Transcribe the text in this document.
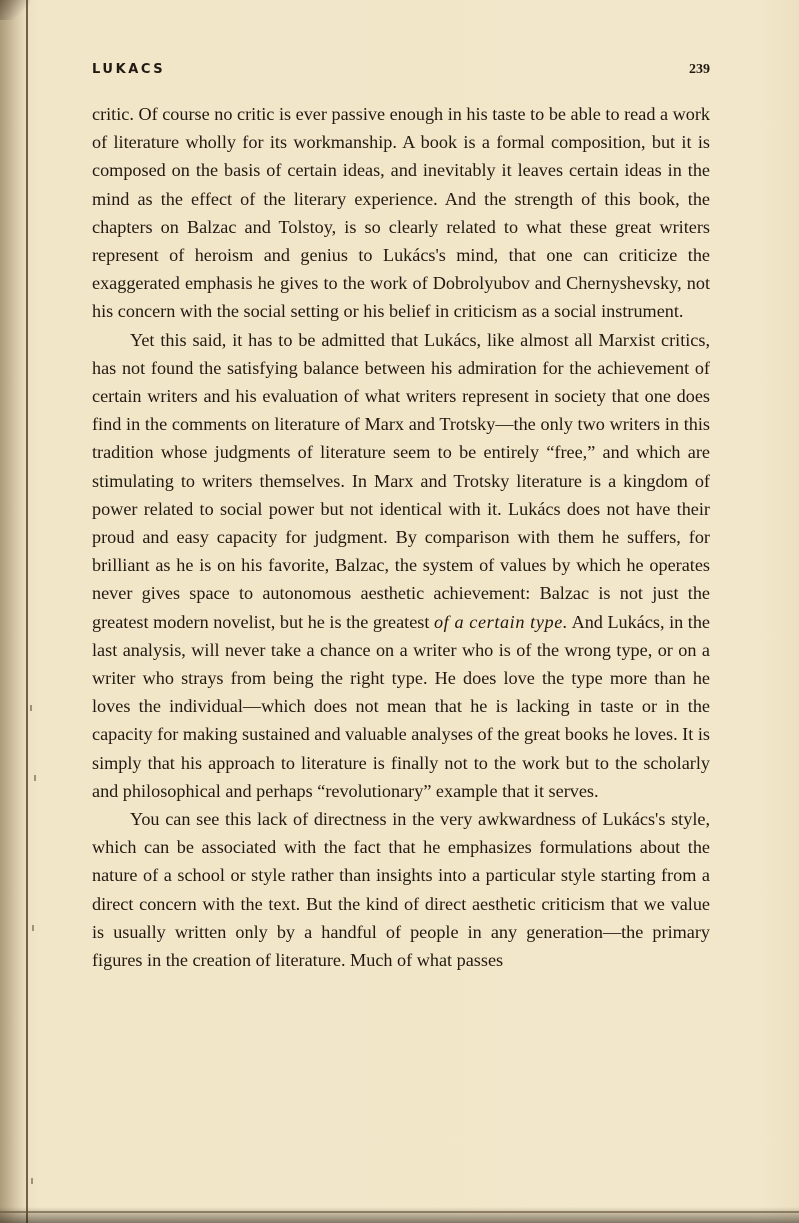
LUKACS	239

critic. Of course no critic is ever passive enough in his taste to be able to read a work of literature wholly for its workmanship. A book is a formal composition, but it is composed on the basis of certain ideas, and inevitably it leaves certain ideas in the mind as the effect of the literary experience. And the strength of this book, the chapters on Balzac and Tolstoy, is so clearly related to what these great writers represent of heroism and genius to Lukács's mind, that one can criticize the exaggerated emphasis he gives to the work of Dobrolyubov and Chernyshevsky, not his concern with the social setting or his belief in criticism as a social instrument.

Yet this said, it has to be admitted that Lukács, like almost all Marxist critics, has not found the satisfying balance between his admiration for the achievement of certain writers and his evaluation of what writers represent in society that one does find in the comments on literature of Marx and Trotsky—the only two writers in this tradition whose judgments of literature seem to be entirely “free,” and which are stimulating to writers themselves. In Marx and Trotsky literature is a kingdom of power related to social power but not identical with it. Lukács does not have their proud and easy capacity for judgment. By comparison with them he suffers, for brilliant as he is on his favorite, Balzac, the system of values by which he operates never gives space to autonomous aesthetic achievement: Balzac is not just the greatest modern novelist, but he is the greatest of a certain type. And Lukács, in the last analysis, will never take a chance on a writer who is of the wrong type, or on a writer who strays from being the right type. He does love the type more than he loves the individual—which does not mean that he is lacking in taste or in the capacity for making sustained and valuable analyses of the great books he loves. It is simply that his approach to literature is finally not to the work but to the scholarly and philosophical and perhaps “revolutionary” example that it serves.

You can see this lack of directness in the very awkwardness of Lukács's style, which can be associated with the fact that he emphasizes formulations about the nature of a school or style rather than insights into a particular style starting from a direct concern with the text. But the kind of direct aesthetic criticism that we value is usually written only by a handful of people in any generation—the primary figures in the creation of literature. Much of what passes
